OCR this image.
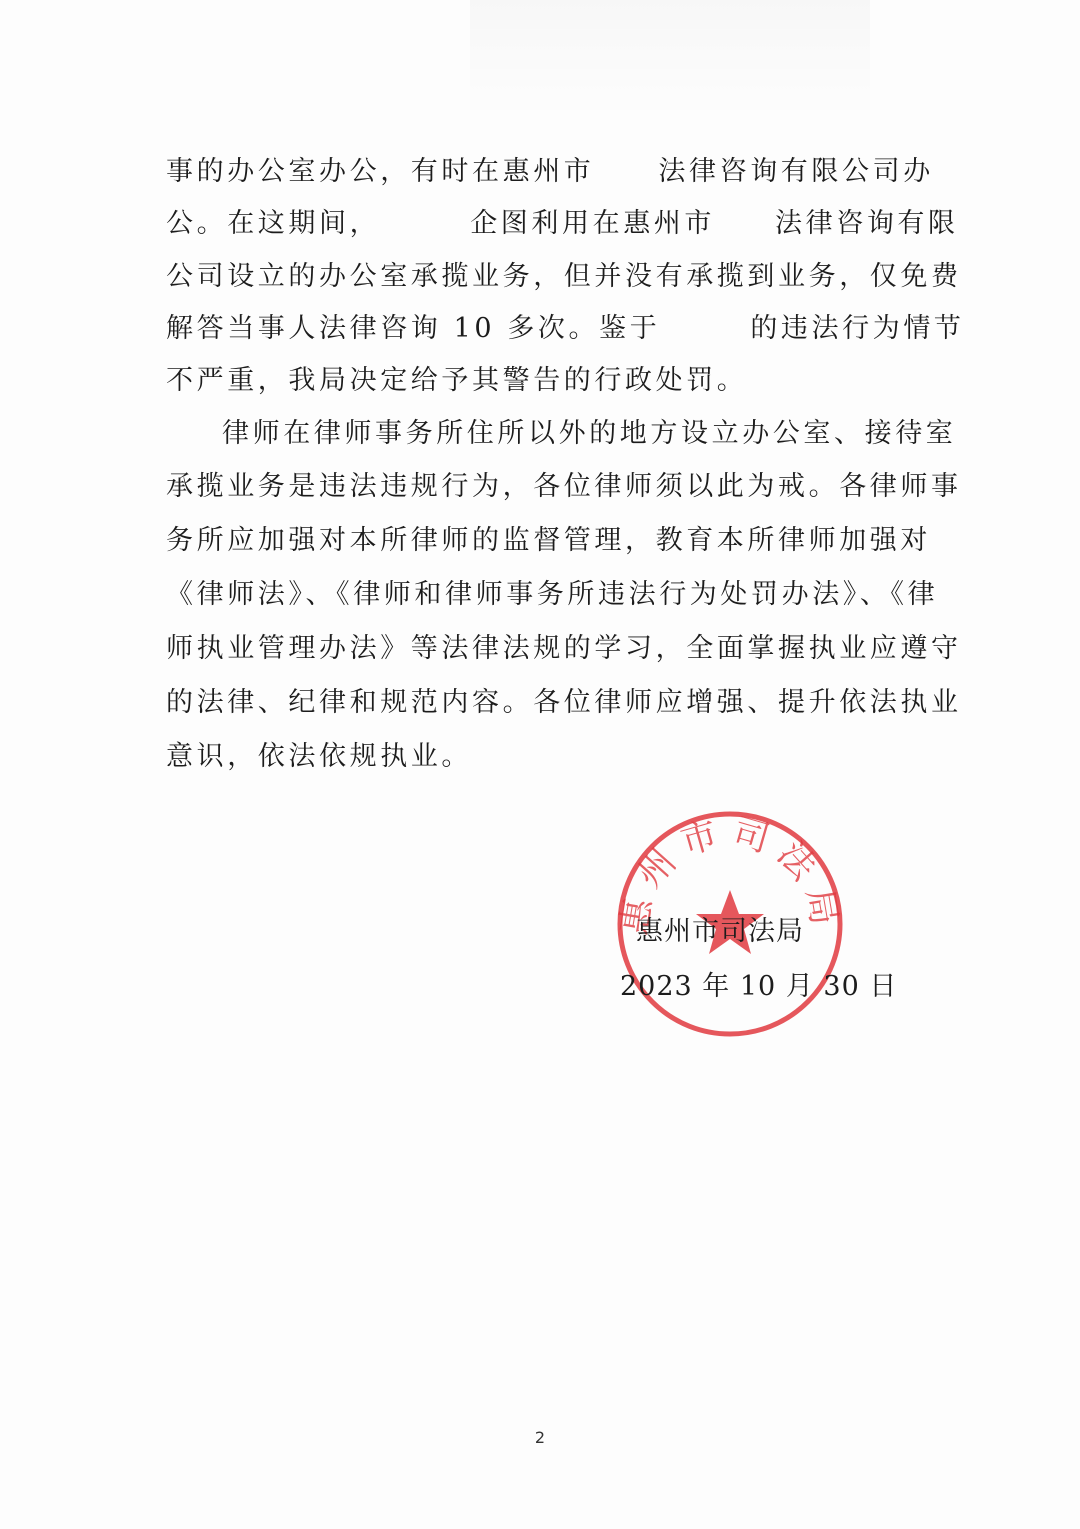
事的办公室办公，有时在惠州市 法律咨询有限公司办
公。在这期间，	企图利用在惠州市 法律咨询有限
公司设立的办公室承揽业务，但并没有承揽到业务，仅免费
解答当事人法律咨询 10 多次。鉴于	的违法行为情节
不严重，我局决定给予其警告的行政处罚。
律师在律师事务所住所以外的地方设立办公室、接待室
承揽业务是违法违规行为，各位律师须以此为戒。各律师事
务所应加强对本所律师的监督管理，教育本所律师加强对
《律师法》、《律师和律师事务所违法行为处罚办法》、《律
师执业管理办法》等法律法规的学习，全面掌握执业应遵守
的法律、纪律和规范内容。各位律师应增强、提升依法执业
意识，依法依规执业。
惠州市司法局
惠州市司法局
2023 年 10 月 30 日
2
